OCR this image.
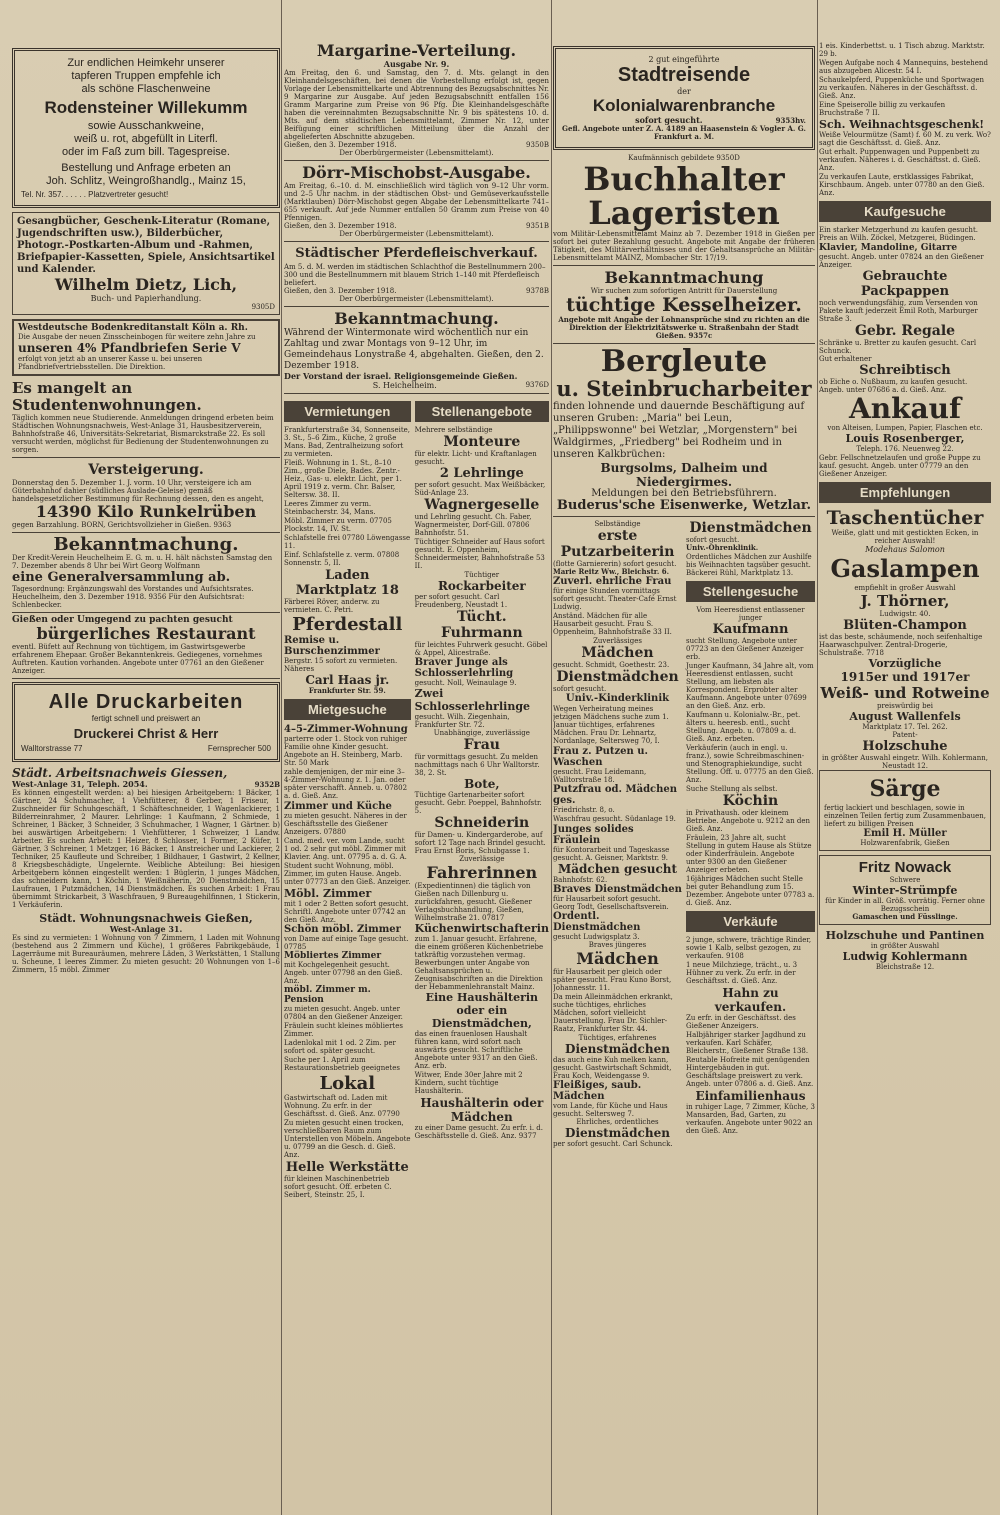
Zur endlichen Heimkehr unserer
tapferen Truppen empfehle ich
als schöne Flaschenweine
Rodensteiner Willekumm
sowie Ausschankweine,
weiß u. rot, abgefüllt in Literfl.
oder im Faß zum bill. Tagespreise.
Bestellung und Anfrage erbeten an
Joh. Schlitz, Weingroßhandlg., Mainz 15,
Tel. Nr. 357. . . . . . Platzvertreter gesucht!
Gesangbücher, Geschenk-Literatur (Romane, Jugendschriften usw.), Bilderbücher, Photogr.-Postkarten-Album und -Rahmen, Briefpapier-Kassetten, Spiele, Ansichtsartikel und Kalender.
Wilhelm Dietz, Lich,
Buch- und Papierhandlung.
9305D
Westdeutsche Bodenkreditanstalt Köln a. Rh.
Die Ausgabe der neuen Zinsscheinbogen für weitere zehn Jahre zu
unseren 4% Pfandbriefen Serie V
erfolgt von jetzt ab an unserer Kasse u. bei unseren Pfandbriefvertriebsstellen. Die Direktion.
Es mangelt an Studentenwohnungen.
Täglich kommen neue Studierende. Anmeldungen dringend erbeten beim Städtischen Wohnungsnachweis, West-Anlage 31, Hausbesitzerverein, Bahnhofstraße 46, Universitäts-Sekretariat, Bismarckstraße 22. Es soll versucht werden, möglichst für Bedienung der Studentenwohnungen zu sorgen.
Versteigerung.
Donnerstag den 5. Dezember 1. J. vorm. 10 Uhr, versteigere ich am Güterbahnhof dahier (südliches Auslade-Geleise) gemäß handelsgesetzlicher Bestimmung für Rechnung dessen, den es angeht,
14390 Kilo Runkelrüben
gegen Barzahlung. BORN, Gerichtsvollzieher in Gießen. 9363
Bekanntmachung.
Der Kredit-Verein Heuchelheim E. G. m. u. H. hält nächsten Samstag den 7. Dezember abends 8 Uhr bei Wirt Georg Wolfmann
eine Generalversammlung ab.
Tagesordnung: Ergänzungswahl des Vorstandes und Aufsichtsrates. Heuchelheim, den 3. Dezember 1918. 9356 Für den Aufsichtsrat: Schlenbecker.
Gießen oder Umgegend zu pachten gesucht
bürgerliches Restaurant
eventl. Büfett auf Rechnung von tüchtigem, im Gastwirtsgewerbe erfahrenem Ehepaar. Großer Bekanntenkreis. Gediegenes, vornehmes Auftreten. Kaution vorhanden. Angebote unter 07761 an den Gießener Anzeiger.
Alle Druckarbeiten
fertigt schnell und preiswert an
Druckerei Christ & Herr
Walltorstrasse 77	Fernsprecher 500
Städt. Arbeitsnachweis Giessen,
West-Anlage 31, Teleph. 2054.	9352B
Es können eingestellt werden: a) bei hiesigen Arbeitgebern: 1 Bäcker, 1 Gärtner, 24 Schuhmacher, 1 Viehfütterer, 8 Gerber, 1 Friseur, 1 Zuschneider für Schuhgeschäft, 1 Schäfteschneider, 1 Wagenlackierer, 1 Bilderreinrahmer, 2 Maurer. Lehrlinge: 1 Kaufmann, 2 Schmiede, 1 Schreiner, 1 Bäcker, 3 Schneider, 3 Schuhmacher, 1 Wagner, 1 Gärtner. b) bei auswärtigen Arbeitgebern: 1 Viehfütterer, 1 Schweizer, 1 Landw. Arbeiter. Es suchen Arbeit: 1 Heizer, 8 Schlosser, 1 Former, 2 Küfer, 1 Gärtner, 3 Schreiner, 1 Metzger, 16 Bäcker, 1 Anstreicher und Lackierer, 2 Techniker, 25 Kaufleute und Schreiber, 1 Bildhauer, 1 Gastwirt, 2 Kellner, 8 Kriegsbeschädigte, Ungelernte. Weibliche Abteilung: Bei hiesigen Arbeitgebern können eingestellt werden: 1 Büglerin, 1 junges Mädchen, das schneidern kann, 1 Köchin, 1 Weißnäherin, 20 Dienstmädchen, 15 Laufrauen, 1 Putzmädchen, 14 Dienstmädchen. Es suchen Arbeit: 1 Frau übernimmt Strickarbeit, 3 Waschfrauen, 9 Bureaugehilfinnen, 1 Stickerin, 1 Verkäuferin.
Städt. Wohnungsnachweis Gießen,
West-Anlage 31.
Es sind zu vermieten: 1 Wohnung von 7 Zimmern, 1 Laden mit Wohnung (bestehend aus 2 Zimmern und Küche), 1 größeres Fabrikgebäude, 1 Lagerräume mit Bureauräumen, mehrere Läden, 3 Werkstätten, 1 Stallung u. Scheune, 1 leeres Zimmer. Zu mieten gesucht: 20 Wohnungen von 1–6 Zimmern, 15 möbl. Zimmer
Margarine-Verteilung.
Ausgabe Nr. 9.
Am Freitag, den 6. und Samstag, den 7. d. Mts. gelangt in den Kleinhandelsgeschäften, bei denen die Vorbestellung erfolgt ist, gegen Vorlage der Lebensmittelkarte und Abtrennung des Bezugsabschnittes Nr. 9 Margarine zur Ausgabe. Auf jeden Bezugsabschnitt entfallen 156 Gramm Margarine zum Preise von 96 Pfg. Die Kleinhandelsgeschäfte haben die vereinnahmten Bezugsabschnitte Nr. 9 bis spätestens 10. d. Mts. auf dem städtischen Lebensmittelamt, Zimmer Nr. 12, unter Beifügung einer schriftlichen Mitteilung über die Anzahl der abgelieferten Abschnitte abzugeben.
Gießen, den 3. Dezember 1918.	9350B
Der Oberbürgermeister (Lebensmittelamt).
Dörr-Mischobst-Ausgabe.
Am Freitag, 6.–10. d. M. einschließlich wird täglich von 9–12 Uhr vorm. und 2–5 Uhr nachm. in der städtischen Obst- und Gemüseverkaufsstelle (Marktlauben) Dörr-Mischobst gegen Abgabe der Lebensmittelkarte 741–655 verkauft. Auf jede Nummer entfallen 50 Gramm zum Preise von 40 Pfennigen.
Gießen, den 3. Dezember 1918.	9351B
Der Oberbürgermeister (Lebensmittelamt).
Städtischer Pferdefleischverkauf.
Am 5. d. M. werden im städtischen Schlachthof die Bestellnummern 200–300 und die Bestellnummern mit blauem Strich 1–140 mit Pferdefleisch beliefert.
Gießen, den 3. Dezember 1918.	9378B
Der Oberbürgermeister (Lebensmittelamt).
Bekanntmachung.
Während der Wintermonate wird wöchentlich nur ein Zahltag und zwar Montags von 9–12 Uhr, im Gemeindehaus Lonystraße 4, abgehalten. Gießen, den 2. Dezember 1918.
Der Vorstand der israel. Religionsgemeinde Gießen.
S. Heichelheim.	9376D
Vermietungen
Frankfurterstraße 34, Sonnenseite, 3. St., 5–6 Zim., Küche, 2 große Mans. Bad, Zentralheizung sofort zu vermieten.
Fleiß. Wohnung in 1. St., 8–10 Zim., große Diele, Bades. Zentr.-Heiz., Gas- u. elektr. Licht, per 1. April 1919 z. verm. Chr. Balser, Seltersw. 38. II.
Leeres Zimmer zu verm. Steinbacherstr. 34, Mans.
Möbl. Zimmer zu verm. 07705 Plockstr. 14, IV. St.
Schlafstelle frei 07780 Löwengasse 11.
Einf. Schlafstelle z. verm. 07808 Sonnenstr. 5, II.
Laden Marktplatz 18
Färberei Röver, anderw. zu vermieten. C. Petri.
Pferdestall
Remise u. Burschenzimmer
Bergstr. 15 sofort zu vermieten. Näheres
Carl Haas jr.
Frankfurter Str. 59.
Mietgesuche
4–5-Zimmer-Wohnung
parterre oder 1. Stock von ruhiger Familie ohne Kinder gesucht. Angebote an H. Steinberg, Marb. Str. 50 Mark
zahle demjenigen, der mir eine 3–4-Zimmer-Wohnung z. 1. Jan. oder später verschafft. Anneb. u. 07802 a. d. Gieß. Anz.
Zimmer und Küche
zu mieten gesucht. Näheres in der Geschäftsstelle des Gießener Anzeigers. 07880
Cand. med. ver. vom Lande, sucht 1 od. 2 sehr gut möbl. Zimmer mit Klavier. Ang. unt. 07795 a. d. G. A.
Student sucht Wohnung, möbl. Zimmer, im guten Hause. Angeb. unter 07773 an den Gieß. Anzeiger.
Möbl. Zimmer
mit 1 oder 2 Betten sofort gesucht. Schriftl. Angebote unter 07742 an den Gieß. Anz.
Schön möbl. Zimmer
von Dame auf einige Tage gesucht. 07785
Möbliertes Zimmer
mit Kochgelegenheit gesucht. Angeb. unter 07798 an den Gieß. Anz.
möbl. Zimmer m. Pension
zu mieten gesucht. Angeb. unter 07804 an den Gießener Anzeiger.
Fräulein sucht kleines möbliertes Zimmer.
Ladenlokal mit 1 od. 2 Zim. per sofort od. später gesucht.
Suche per 1. April zum Restaurationsbetrieb geeignetes
Lokal
Gastwirtschaft od. Laden mit Wohnung. Zu erfr. in der Geschäftsst. d. Gieß. Anz. 07790
Zu mieten gesucht einen trocken, verschließbaren Raum zum Unterstellen von Möbeln. Angebote u. 07799 an die Gesch. d. Gieß. Anz.
Helle Werkstätte
für kleinen Maschinenbetrieb sofort gesucht. Off. erbeten C. Seibert, Steinstr. 25, I.
Stellenangebote
Mehrere selbständige
Monteure
für elektr. Licht- und Kraftanlagen gesucht.
2 Lehrlinge
per sofort gesucht. Max Weißbäcker, Süd-Anlage 23.
Wagnergeselle
und Lehrling gesucht. Ch. Faber, Wagnermeister, Dorf-Gill. 07806 Bahnhofstr. 51.
Tüchtiger Schneider auf Haus sofort gesucht. E. Oppenheim, Schneidermeister, Bahnhofstraße 53 II.
Tüchtiger
Rockarbeiter
per sofort gesucht. Carl Freudenberg, Neustadt 1.
Tücht. Fuhrmann
für leichtes Fuhrwerk gesucht. Göbel & Appel, Alicestraße.
Braver Junge als Schlosserlehrling
gesucht. Noll, Weinaulage 9.
Zwei Schlosserlehrlinge
gesucht. Wilh. Ziegenhain, Frankfurter Str. 72.
Unabhängige, zuverlässige
Frau
für vormittags gesucht. Zu melden nachmittags nach 6 Uhr Walltorstr. 38, 2. St.
Bote,
Tüchtige Gartenarbeiter sofort gesucht. Gebr. Poeppel, Bahnhofstr. 5.
Schneiderin
für Damen- u. Kindergarderobe, auf sofort 12 Tage nach Brindel gesucht. Frau Ernst Boris, Schubgasse 1.
Zuverlässige
Fahrerinnen
(Expedientinnen) die täglich von Gießen nach Dillenburg u. zurückfahren, gesucht. Gießener Verlagsbuchhandlung, Gießen, Wilhelmstraße 21. 07817
Küchenwirtschafterin
zum 1. Januar gesucht. Erfahrene, die einem größeren Küchenbetriebe tatkräftig vorzustehen vermag. Bewerbungen unter Angabe von Gehaltsansprüchen u. Zeugnisabschriften an die Direktion der Hebammenlehranstalt Mainz.
Eine Haushälterin oder ein Dienstmädchen,
das einen frauenlosen Haushalt führen kann, wird sofort nach auswärts gesucht. Schriftliche Angebote unter 9317 an den Gieß. Anz. erb.
Witwer, Ende 30er Jahre mit 2 Kindern, sucht tüchtige Haushälterin.
Haushälterin oder Mädchen
zu einer Dame gesucht. Zu erfr. i. d. Geschäftsstelle d. Gieß. Anz. 9377
2 gut eingeführte
Stadtreisende
der
Kolonialwarenbranche
sofort gesucht.	9353hv.
Gefl. Angebote unter Z. A. 4189 an Haasenstein & Vogler A. G. Frankfurt a. M.
Kaufmännisch gebildete 9350D
Buchhalter
Lageristen
vom Militär-Lebensmittelamt Mainz ab 7. Dezember 1918 in Gießen per sofort bei guter Bezahlung gesucht. Angebote mit Angabe der früheren Tätigkeit, des Militärverhältnisses und der Gehaltsansprüche an Militär-Lebensmittelamt MAINZ, Mombacher Str. 17/19.
Bekanntmachung
Wir suchen zum sofortigen Antritt für Dauerstellung
tüchtige Kesselheizer.
Angebote mit Angabe der Lohnansprüche sind zu richten an die Direktion der Elektrizitätswerke u. Straßenbahn der Stadt Gießen. 9357c
Bergleute
u. Steinbrucharbeiter
finden lohnende und dauernde Beschäftigung auf unseren Gruben: „Maria" bei Leun, „Philippswonne" bei Wetzlar, „Morgenstern" bei Waldgirmes, „Friedberg" bei Rodheim und in unseren Kalkbrüchen:
Burgsolms, Dalheim und Niedergirmes.
Meldungen bei den Betriebsführern.
Buderus'sche Eisenwerke, Wetzlar.
Selbständige
erste Putzarbeiterin
(flotte Garniererin) sofort gesucht.
Marie Reitz Ww., Bleichstr. 6.
Zuverl. ehrliche Frau
für einige Stunden vormittags sofort gesucht. Theater-Café Ernst Ludwig.
Anständ. Mädchen für alle Hausarbeit gesucht. Frau S. Oppenheim, Bahnhofstraße 33 II.
Zuverlässiges
Mädchen
gesucht. Schmidt, Goethestr. 23.
Dienstmädchen
sofort gesucht.
Univ.-Kinderklinik
Wegen Verheiratung meines jetzigen Mädchens suche zum 1. Januar tüchtiges, erfahrenes Mädchen. Frau Dr. Lehnartz, Nordanlage, Seltersweg 70, I.
Frau z. Putzen u. Waschen
gesucht. Frau Leidemann, Walltorstraße 18.
Putzfrau od. Mädchen ges.
Friedrichstr. 8, o.
Waschfrau gesucht. Südanlage 19.
Junges solides Fräulein
für Kontorarbeit und Tageskasse gesucht. A. Geisner, Marktstr. 9.
Mädchen gesucht
Bahnhofstr. 62.
Braves Dienstmädchen
für Hausarbeit sofort gesucht. Georg Todt, Gesellschaftsverein.
Ordentl. Dienstmädchen
gesucht Ludwigsplatz 3.
Braves jüngeres
Mädchen
für Hausarbeit per gleich oder später gesucht. Frau Kuno Borst, Johannesstr. 11.
Da mein Alleinmädchen erkrankt, suche tüchtiges, ehrliches Mädchen, sofort vielleicht Dauerstellung. Frau Dr. Sichler-Raatz, Frankfurter Str. 44.
Tüchtiges, erfahrenes
Dienstmädchen
das auch eine Kuh melken kann, gesucht. Gastwirtschaft Schmidt, Frau Koch, Weidengasse 9.
Fleißiges, saub. Mädchen
vom Lande, für Küche und Haus gesucht. Seltersweg 7.
Ehrliches, ordentliches
Dienstmädchen
per sofort gesucht. Carl Schunck.
Dienstmädchen
sofort gesucht.
Univ.-Ohrenklinik.
Ordentliches Mädchen zur Aushilfe bis Weihnachten tagsüber gesucht. Bäckerei Rühl, Marktplatz 13.
Stellengesuche
Vom Heeresdienst entlassener junger
Kaufmann
sucht Stellung. Angebote unter 07723 an den Gießener Anzeiger erb.
Junger Kaufmann, 34 Jahre alt, vom Heeresdienst entlassen, sucht Stellung, am liebsten als Korrespondent. Erprobter alter Kaufmann. Angebote unter 07699 an den Gieß. Anz. erb.
Kaufmann u. Kolonialw.-Br., pet. älters u. heeresb. entl., sucht Stellung. Angeb. u. 07809 a. d. Gieß. Anz. erbeten.
Verkäuferin (auch in engl. u. franz.), sowie Schreibmaschinen- und Stenographiekundige, sucht Stellung. Off. u. 07775 an den Gieß. Anz.
Suche Stellung als selbst.
Köchin
in Privathaush. oder kleinem Betriebe. Angebote u. 9212 an den Gieß. Anz.
Fräulein, 23 Jahre alt, sucht Stellung in gutem Hause als Stütze oder Kinderfräulein. Angebote unter 9300 an den Gießener Anzeiger erbeten.
16jähriges Mädchen sucht Stelle bei guter Behandlung zum 15. Dezember. Angebote unter 07783 a. d. Gieß. Anz.
Verkäufe
2 junge, schwere, trächtige Rinder, sowie 1 Kalb, selbst gezogen, zu verkaufen. 9108
1 neue Milchziege, trächt., u. 3 Hühner zu verk. Zu erfr. in der Geschäftsst. d. Gieß. Anz.
Hahn zu verkaufen.
Zu erfr. in der Geschäftsst. des Gießener Anzeigers.
Halbjähriger starker Jagdhund zu verkaufen. Karl Schäfer, Bleicherstr., Gießener Straße 138.
Reutable Hofreite mit genügenden Hintergebäuden in gut. Geschäftslage preiswert zu verk. Angeb. unter 07806 a. d. Gieß. Anz.
Einfamilienhaus
in ruhiger Lage, 7 Zimmer, Küche, 3 Mansarden, Bad, Garten, zu verkaufen. Angebote unter 9022 an den Gieß. Anz.
1 eis. Kinderbettst. u. 1 Tisch abzug. Marktstr. 29 b.
Wegen Aufgabe noch 4 Mannequins, bestehend aus abzugeben Alicestr. 54 I.
Schaukelpferd, Puppenküche und Sportwagen zu verkaufen. Näheres in der Geschäftsst. d. Gieß. Anz.
Eine Speiserolle billig zu verkaufen Bruchstraße 7 II.
Sch. Weihnachtsgeschenk!
Weiße Velourmütze (Samt) f. 60 M. zu verk. Wo? sagt die Geschäftsst. d. Gieß. Anz.
Gut erhalt. Puppenwagen und Puppenbett zu verkaufen. Näheres i. d. Geschäftsst. d. Gieß. Anz.
Zu verkaufen Laute, erstklassiges Fabrikat, Kirschbaum. Angeb. unter 07780 an den Gieß. Anz.
Kaufgesuche
Ein starker Metzgerhund zu kaufen gesucht. Preis an Wilh. Zöckel, Metzgerei, Büdingen.
Klavier, Mandoline, Gitarre
gesucht. Angeb. unter 07824 an den Gießener Anzeiger.
Gebrauchte Packpappen
noch verwendungsfähig, zum Versenden von Pakete kauft jederzeit Emil Roth, Marburger Straße 3.
Gebr. Regale
Schränke u. Bretter zu kaufen gesucht. Carl Schunck.
Gut erhaltener
Schreibtisch
ob Eiche o. Nußbaum, zu kaufen gesucht. Angeb. unter 07686 a. d. Gieß. Anz.
Ankauf
von Alteisen, Lumpen, Papier, Flaschen etc.
Louis Rosenberger,
Teleph. 176. Neuenweg 22.
Gebr. Fellschnetzelaufen und große Puppe zu kauf. gesucht. Angeb. unter 07779 an den Gießener Anzeiger.
Empfehlungen
Taschentücher
Weiße, glatt und mit gestickten Ecken, in reicher Auswahl!
Modehaus Salomon
Gaslampen
empfiehlt in großer Auswahl
J. Thörner,
Ludwigstr. 40.
Blüten-Champon
ist das beste, schäumende, noch seifenhaltige Haarwaschpulver. Zentral-Drogerie, Schulstraße. 7718
Vorzügliche
1915er und 1917er
Weiß- und Rotweine
preiswürdig bei
August Wallenfels
Marktplatz 17. Tel. 262.
Patent-
Holzschuhe
in größter Auswahl eingetr. Wilh. Kohlermann, Neustadt 12.
Särge
fertig lackiert und beschlagen, sowie in einzelnen Teilen fertig zum Zusammenbauen, liefert zu billigen Preisen
Emil H. Müller
Holzwarenfabrik, Gießen
Fritz Nowack
Schwere
Winter-Strümpfe
für Kinder in all. Größ. vorrätig. Ferner ohne Bezugsschein
Gamaschen und Füsslinge.
Holzschuhe und Pantinen
in größter Auswahl
Ludwig Kohlermann
Bleichstraße 12.
